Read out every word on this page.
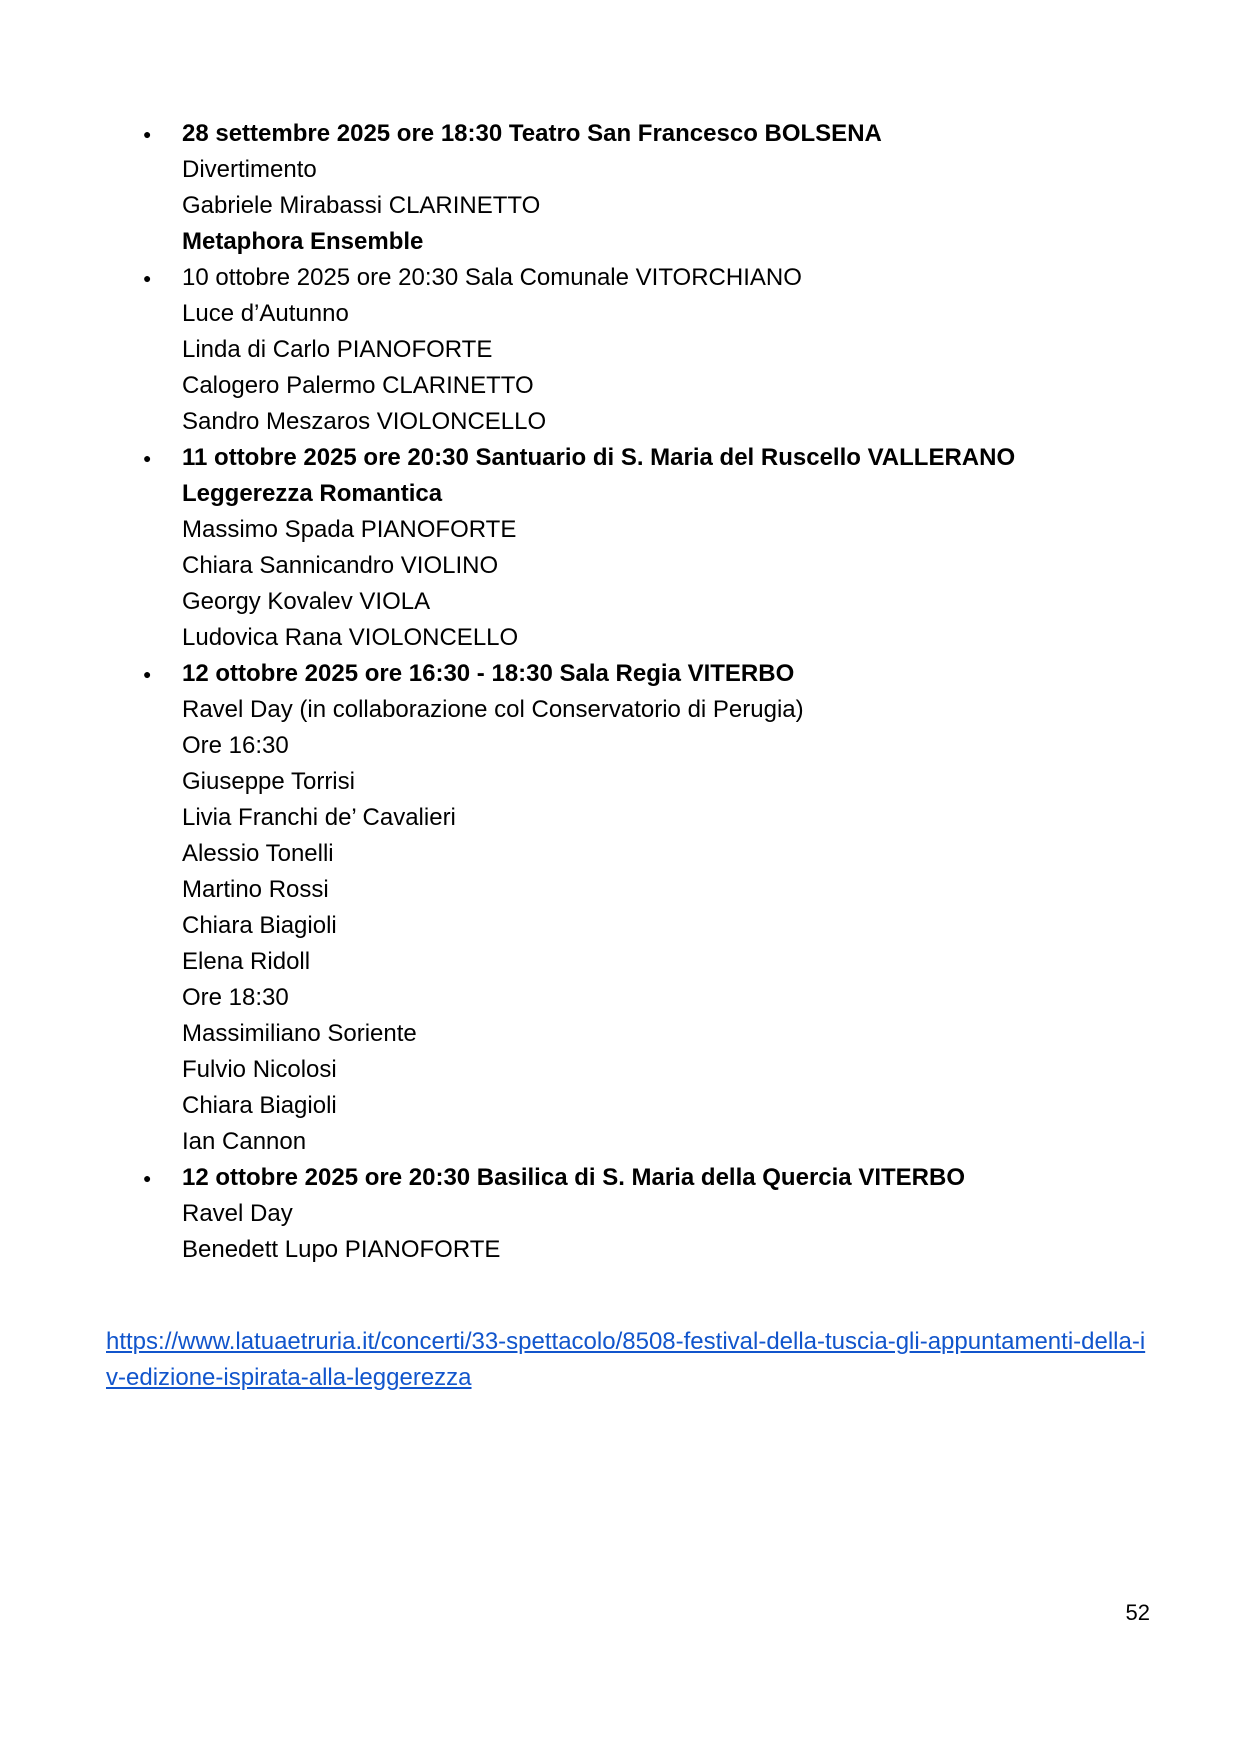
●	28 settembre 2025 ore 18:30 Teatro San Francesco BOLSENA
Divertimento
Gabriele Mirabassi CLARINETTO
Metaphora Ensemble
●	10 ottobre 2025 ore 20:30 Sala Comunale VITORCHIANO
Luce d’Autunno
Linda di Carlo PIANOFORTE
Calogero Palermo CLARINETTO
Sandro Meszaros VIOLONCELLO
●	11 ottobre 2025 ore 20:30 Santuario di S. Maria del Ruscello VALLERANO
Leggerezza Romantica
Massimo Spada PIANOFORTE
Chiara Sannicandro VIOLINO
Georgy Kovalev VIOLA
Ludovica Rana VIOLONCELLO
●	12 ottobre 2025 ore 16:30 - 18:30 Sala Regia VITERBO
Ravel Day (in collaborazione col Conservatorio di Perugia)
Ore 16:30
Giuseppe Torrisi
Livia Franchi de’ Cavalieri
Alessio Tonelli
Martino Rossi
Chiara Biagioli
Elena Ridoll
Ore 18:30
Massimiliano Soriente
Fulvio Nicolosi
Chiara Biagioli
Ian Cannon
●	12 ottobre 2025 ore 20:30 Basilica di S. Maria della Quercia VITERBO
Ravel Day
Benedett Lupo PIANOFORTE
https://www.latuaetruria.it/concerti/33-spettacolo/8508-festival-della-tuscia-gli-appuntamenti-della-iv-edizione-ispirata-alla-leggerezza
52
